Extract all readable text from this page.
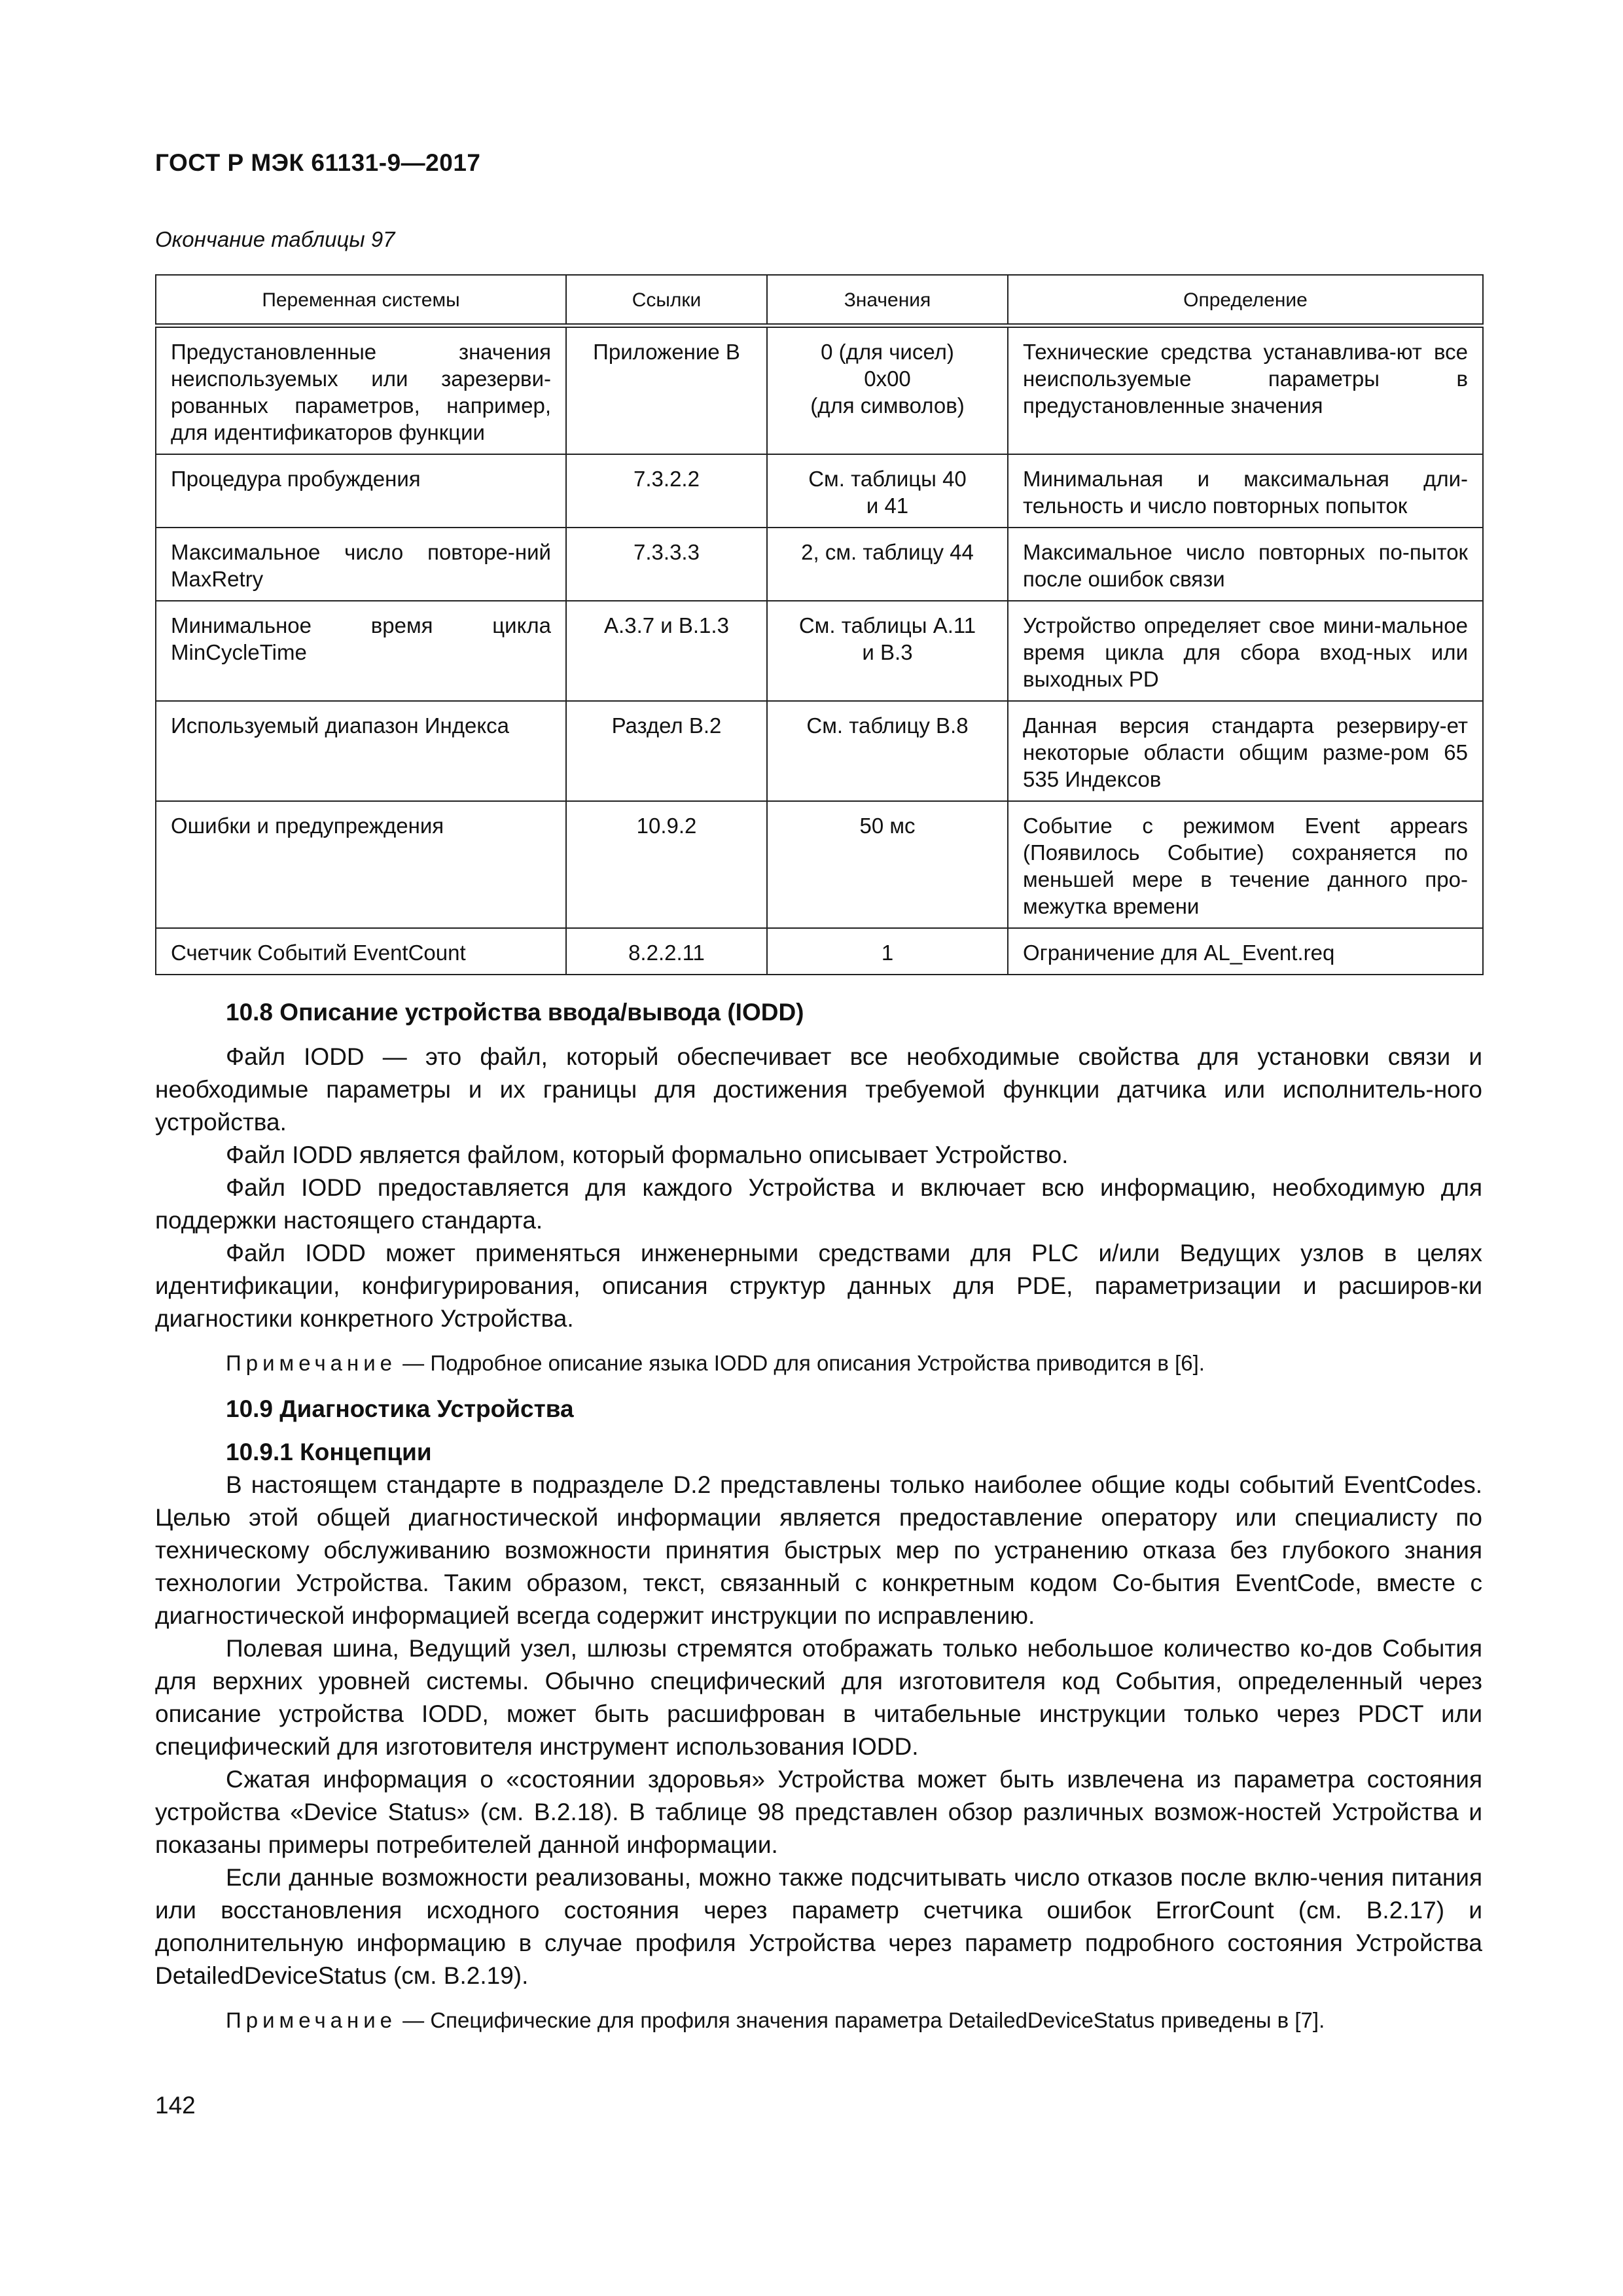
ГОСТ Р МЭК 61131-9—2017
Окончание таблицы 97
Переменная системы	Ссылки	Значения	Определение
Предустановленные значения неиспользуемых или зарезерви-рованных параметров, например, для идентификаторов функции	Приложение B	0 (для чисел)
0x00
(для символов)	Технические средства устанавлива-ют все неиспользуемые параметры в предустановленные значения
Процедура пробуждения	7.3.2.2	См. таблицы 40
и 41	Минимальная и максимальная дли-тельность и число повторных попыток
Максимальное число повторе-ний MaxRetry	7.3.3.3	2, см. таблицу 44	Максимальное число повторных по-пыток после ошибок связи
Минимальное время цикла MinCycleTime	A.3.7 и B.1.3	См. таблицы A.11
и B.3	Устройство определяет свое мини-мальное время цикла для сбора вход-ных или выходных PD
Используемый диапазон Индекса	Раздел B.2	См. таблицу B.8	Данная версия стандарта резервиру-ет некоторые области общим разме-ром 65 535 Индексов
Ошибки и предупреждения	10.9.2	50 мс	Событие с режимом Event appears (Появилось Событие) сохраняется по меньшей мере в течение данного про-межутка времени
Счетчик Событий EventCount	8.2.2.11	1	Ограничение для AL_Event.req
10.8 Описание устройства ввода/вывода (IODD)

Файл IODD — это файл, который обеспечивает все необходимые свойства для установки связи и необходимые параметры и их границы для достижения требуемой функции датчика или исполнитель-ного устройства.

Файл IODD является файлом, который формально описывает Устройство.

Файл IODD предоставляется для каждого Устройства и включает всю информацию, необходимую для поддержки настоящего стандарта.

Файл IODD может применяться инженерными средствами для PLC и/или Ведущих узлов в целях идентификации, конфигурирования, описания структур данных для PDE, параметризации и расширов-ки диагностики конкретного Устройства.

Примечание — Подробное описание языка IODD для описания Устройства приводится в [6].

10.9 Диагностика Устройства
10.9.1 Концепции

В настоящем стандарте в подразделе D.2 представлены только наиболее общие коды событий EventCodes. Целью этой общей диагностической информации является предоставление оператору или специалисту по техническому обслуживанию возможности принятия быстрых мер по устранению отказа без глубокого знания технологии Устройства. Таким образом, текст, связанный с конкретным кодом Со-бытия EventCode, вместе с диагностической информацией всегда содержит инструкции по исправлению.

Полевая шина, Ведущий узел, шлюзы стремятся отображать только небольшое количество ко-дов События для верхних уровней системы. Обычно специфический для изготовителя код События, определенный через описание устройства IODD, может быть расшифрован в читабельные инструкции только через PDCT или специфический для изготовителя инструмент использования IODD.

Сжатая информация о «состоянии здоровья» Устройства может быть извлечена из параметра состояния устройства «Device Status» (см. B.2.18). В таблице 98 представлен обзор различных возмож-ностей Устройства и показаны примеры потребителей данной информации.

Если данные возможности реализованы, можно также подсчитывать число отказов после вклю-чения питания или восстановления исходного состояния через параметр счетчика ошибок ErrorCount (см. B.2.17) и дополнительную информацию в случае профиля Устройства через параметр подробного состояния Устройства DetailedDeviceStatus (см. B.2.19).

Примечание — Специфические для профиля значения параметра DetailedDeviceStatus приведены в [7].

142
